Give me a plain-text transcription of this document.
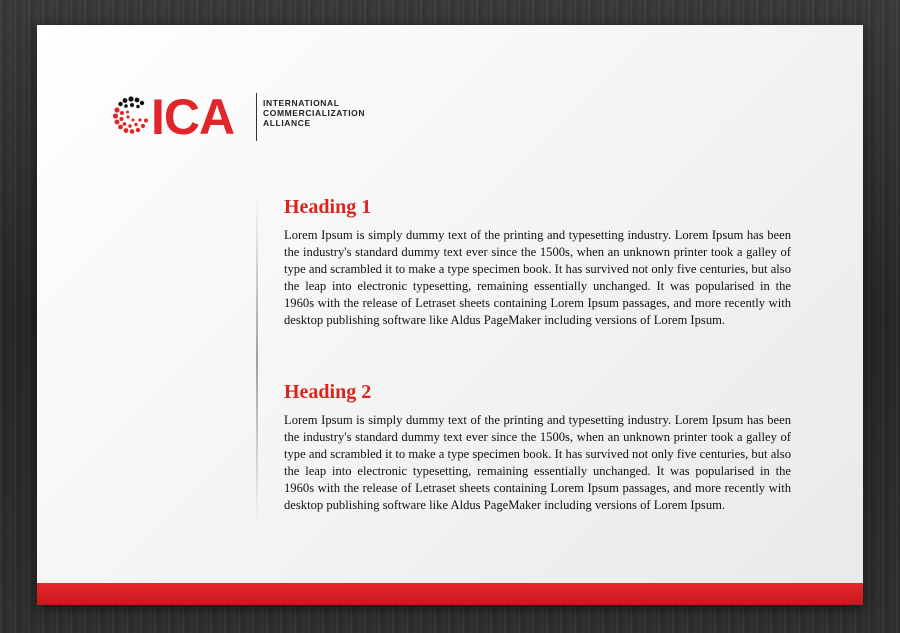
ICA	INTERNATIONAL
COMMERCIALIZATION
ALLIANCE
Heading 1

Lorem Ipsum is simply dummy text of the printing and typesetting industry. Lorem Ipsum has been the industry's standard dummy text ever since the 1500s, when an unknown printer took a galley of type and scrambled it to make a type specimen book. It has survived not only five centuries, but also the leap into electronic typesetting, remaining essentially unchanged. It was popularised in the 1960s with the release of Letraset sheets containing Lorem Ipsum passages, and more recently with desktop publishing software like Aldus PageMaker including versions of Lorem Ipsum.

Heading 2

Lorem Ipsum is simply dummy text of the printing and typesetting industry. Lorem Ipsum has been the industry's standard dummy text ever since the 1500s, when an unknown printer took a galley of type and scrambled it to make a type specimen book. It has survived not only five centuries, but also the leap into electronic typesetting, remaining essentially unchanged. It was popularised in the 1960s with the release of Letraset sheets containing Lorem Ipsum passages, and more recently with desktop publishing software like Aldus PageMaker including versions of Lorem Ipsum.
